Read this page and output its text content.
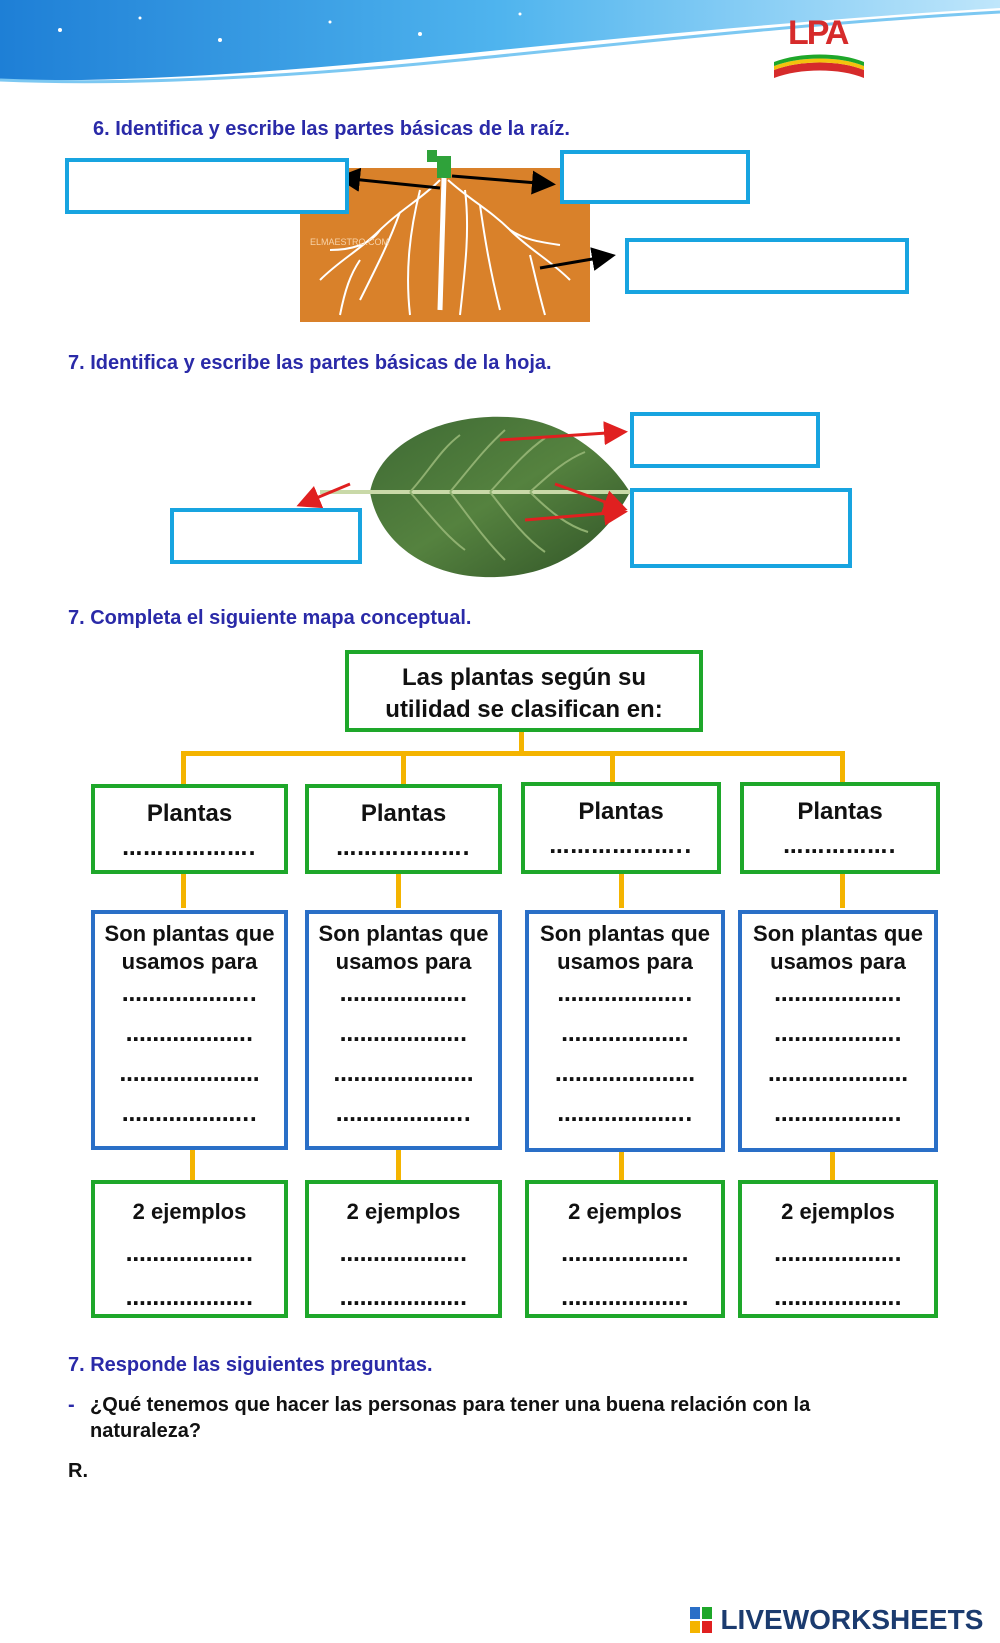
LPA
6. Identifica y escribe las partes básicas de la raíz.
ELMAESTRO.COM
7. Identifica y escribe las partes básicas de la hoja.
7. Completa el siguiente mapa conceptual.
Las plantas según su
utilidad se clasifican en:
Plantas
……………….
Plantas
……………….
Plantas
………………..
Plantas
…………….
Son plantas que
usamos para
………………..
……………….
…………………
………………..
Son plantas que
usamos para
……………….
……………….
…………………
………………..
Son plantas que
usamos para
………………..
……………….
…………………
………………..
Son plantas que
usamos para
……………….
……………….
…………………
……………….
2 ejemplos
……………….
……………….
2 ejemplos
……………….
……………….
2 ejemplos
……………….
……………….
2 ejemplos
……………….
……………….
7. Responde las siguientes preguntas.
- ¿Qué tenemos que hacer las personas para tener una buena relación con la
naturaleza?
R.
LIVEWORKSHEETS
